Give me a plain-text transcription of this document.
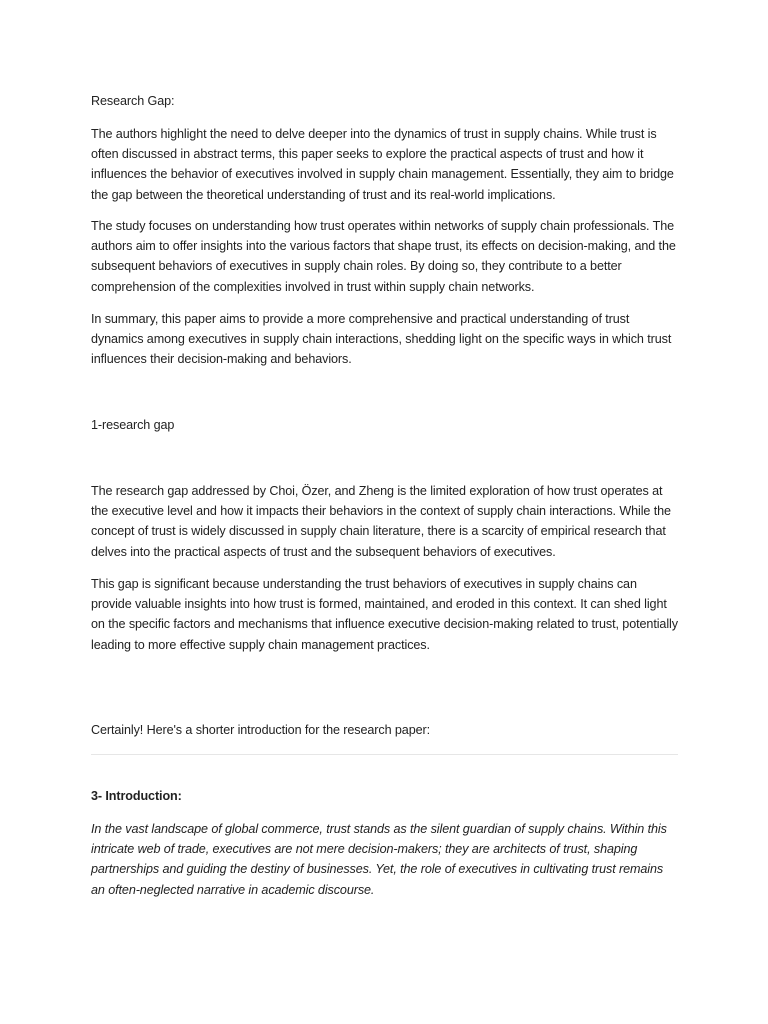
Research Gap:

The authors highlight the need to delve deeper into the dynamics of trust in supply chains. While trust is often discussed in abstract terms, this paper seeks to explore the practical aspects of trust and how it influences the behavior of executives involved in supply chain management. Essentially, they aim to bridge the gap between the theoretical understanding of trust and its real-world implications.

The study focuses on understanding how trust operates within networks of supply chain professionals. The authors aim to offer insights into the various factors that shape trust, its effects on decision-making, and the subsequent behaviors of executives in supply chain roles. By doing so, they contribute to a better comprehension of the complexities involved in trust within supply chain networks.

In summary, this paper aims to provide a more comprehensive and practical understanding of trust dynamics among executives in supply chain interactions, shedding light on the specific ways in which trust influences their decision-making and behaviors.

1-research gap

The research gap addressed by Choi, Özer, and Zheng is the limited exploration of how trust operates at the executive level and how it impacts their behaviors in the context of supply chain interactions. While the concept of trust is widely discussed in supply chain literature, there is a scarcity of empirical research that delves into the practical aspects of trust and the subsequent behaviors of executives.

This gap is significant because understanding the trust behaviors of executives in supply chains can provide valuable insights into how trust is formed, maintained, and eroded in this context. It can shed light on the specific factors and mechanisms that influence executive decision-making related to trust, potentially leading to more effective supply chain management practices.

Certainly! Here's a shorter introduction for the research paper:

3- Introduction:

In the vast landscape of global commerce, trust stands as the silent guardian of supply chains. Within this intricate web of trade, executives are not mere decision-makers; they are architects of trust, shaping partnerships and guiding the destiny of businesses. Yet, the role of executives in cultivating trust remains an often-neglected narrative in academic discourse.
